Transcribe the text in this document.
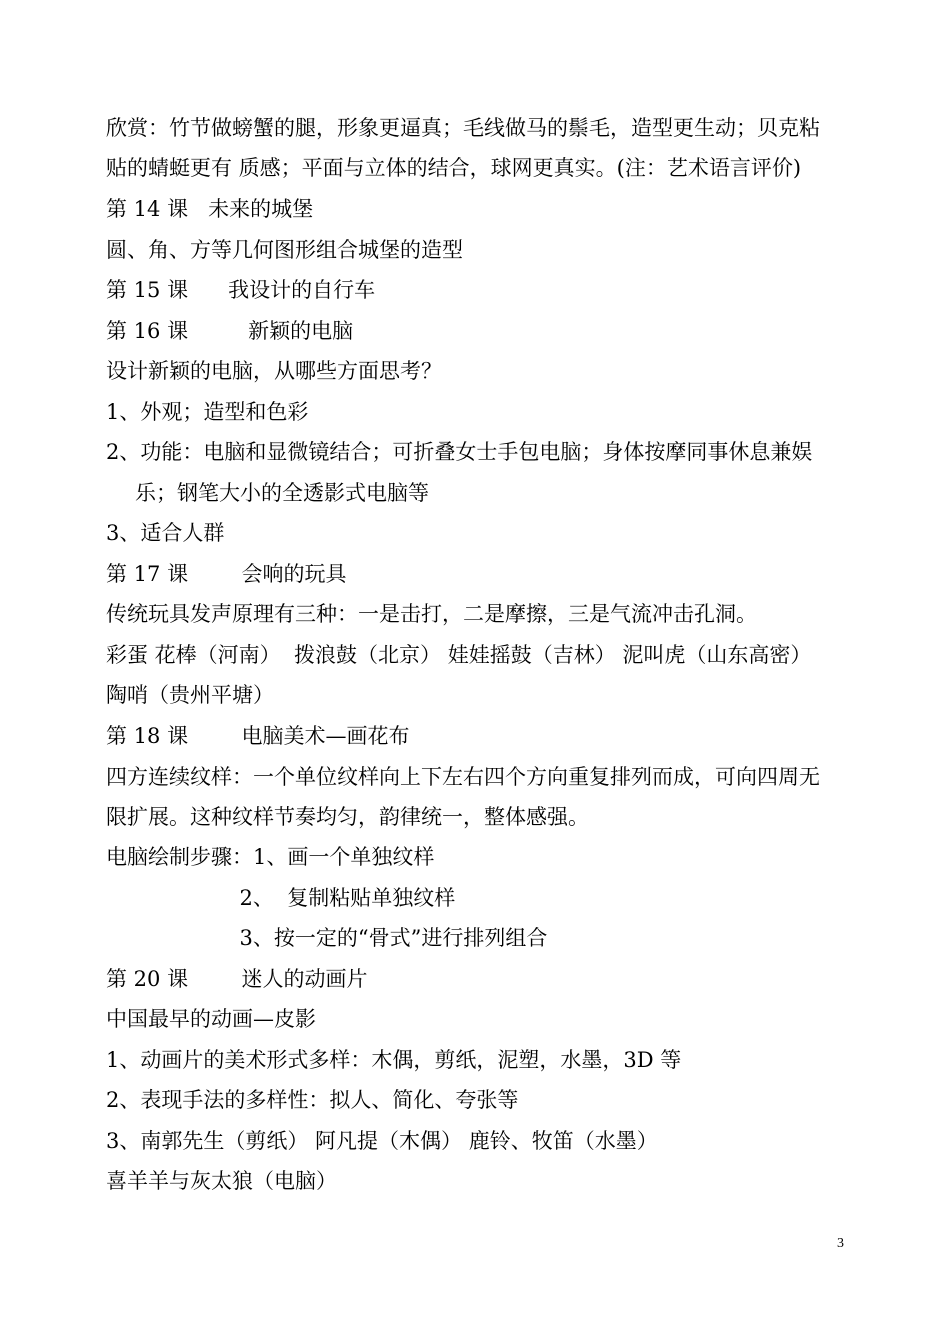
欣赏：竹节做螃蟹的腿，形象更逼真；毛线做马的鬃毛，造型更生动；贝克粘
贴的蜻蜓更有 质感；平面与立体的结合，球网更真实。(注：艺术语言评价)
第 14 课   未来的城堡
圆、角、方等几何图形组合城堡的造型
第 15 课      我设计的自行车
第 16 课         新颖的电脑
设计新颖的电脑，从哪些方面思考？
1、外观；造型和色彩
2、功能：电脑和显微镜结合；可折叠女士手包电脑；身体按摩同事休息兼娱
乐；钢笔大小的全透影式电脑等
3、适合人群
第 17 课        会响的玩具
传统玩具发声原理有三种：一是击打，二是摩擦，三是气流冲击孔洞。
彩蛋 花棒（河南）  拨浪鼓（北京） 娃娃摇鼓（吉林） 泥叫虎（山东高密）
陶哨（贵州平塘）
第 18 课        电脑美术—画花布
四方连续纹样：一个单位纹样向上下左右四个方向重复排列而成，可向四周无
限扩展。这种纹样节奏均匀，韵律统一，整体感强。
电脑绘制步骤：1、画一个单独纹样
2、  复制粘贴单独纹样
3、按一定的“骨式”进行排列组合
第 20 课        迷人的动画片
中国最早的动画—皮影
1、动画片的美术形式多样：木偶，剪纸，泥塑，水墨，3D 等
2、表现手法的多样性：拟人、简化、夸张等
3、南郭先生（剪纸） 阿凡提（木偶） 鹿铃、牧笛（水墨）
喜羊羊与灰太狼（电脑）
3
